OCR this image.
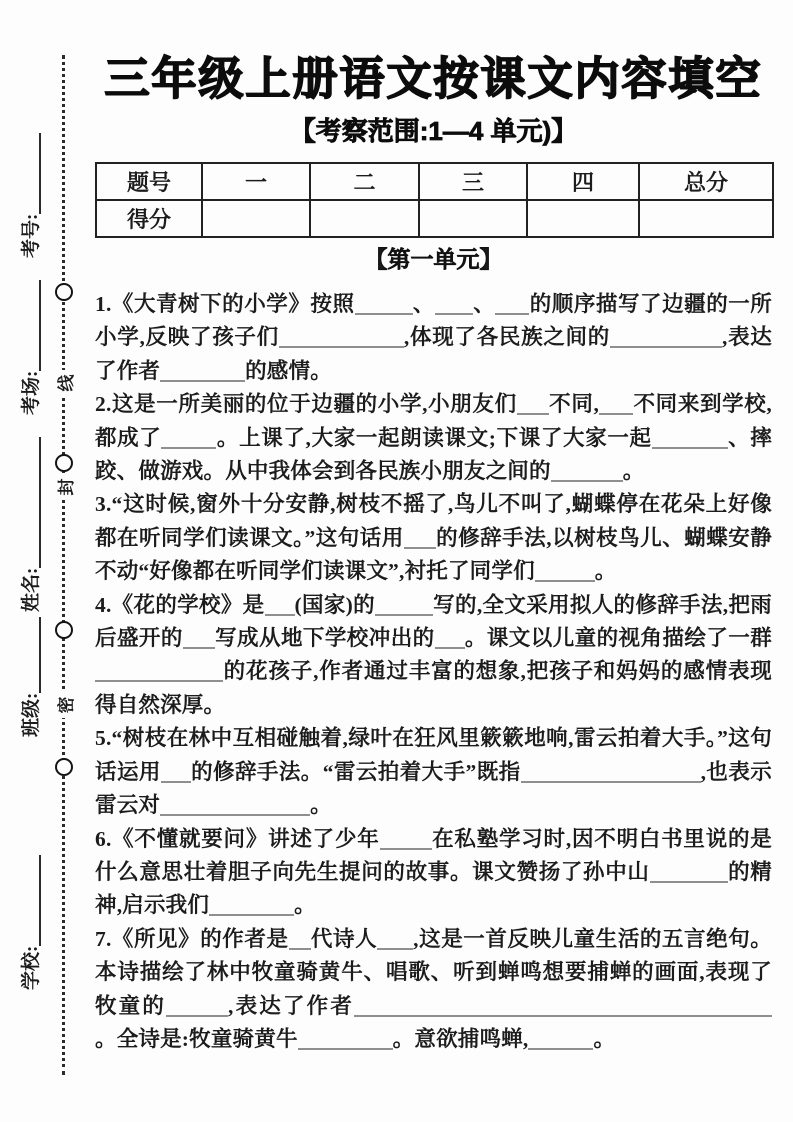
考号:
考场:
姓名:
班级:
学校:
线
封
密
三年级上册语文按课文内容填空
【考察范围:1—4 单元)】
题号	一	二	三	四	总分
得分					
【第一单元】

1.《大青树下的小学》按照	、 、 的顺序描写了边疆的一所小学,反映了孩子们	,体现了各民族之间的	,表达了作者	的感情。

2.这是一所美丽的位于边疆的小学,小朋友们 不同, 不同来到学校,都成了	。上课了,大家一起朗读课文;下课了大家一起	、摔跤、做游戏。从中我体会到各民族小朋友之间的	。

3.“这时候,窗外十分安静,树枝不摇了,鸟儿不叫了,蝴蝶停在花朵上好像都在听同学们读课文。”这句话用 的修辞手法,以树枝鸟儿、蝴蝶安静不动“好像都在听同学们读课文”,衬托了同学们	。

4.《花的学校》是 (国家)的	写的,全文采用拟人的修辞手法,把雨后盛开的 写成从地下学校冲出的 。课文以儿童的视角描绘了一群的花孩子,作者通过丰富的想象,把孩子和妈妈的感情表现得自然深厚。

5.“树枝在林中互相碰触着,绿叶在狂风里簌簌地响,雷云拍着大手。”这句话运用 的修辞手法。“雷云拍着大手”既指	,也表示雷云对	。

6.《不懂就要问》讲述了少年 在私塾学习时,因不明白书里说的是什么意思壮着胆子向先生提问的故事。课文赞扬了孙中山	的精神,启示我们	。

7.《所见》的作者是 代诗人 ,这是一首反映儿童生活的五言绝句。本诗描绘了林中牧童骑黄牛、唱歌、听到蝉鸣想要捕蝉的画面,表现了牧童的	,表达了作者。全诗是:牧童骑黄牛	。意欲捕鸣蝉,	。
